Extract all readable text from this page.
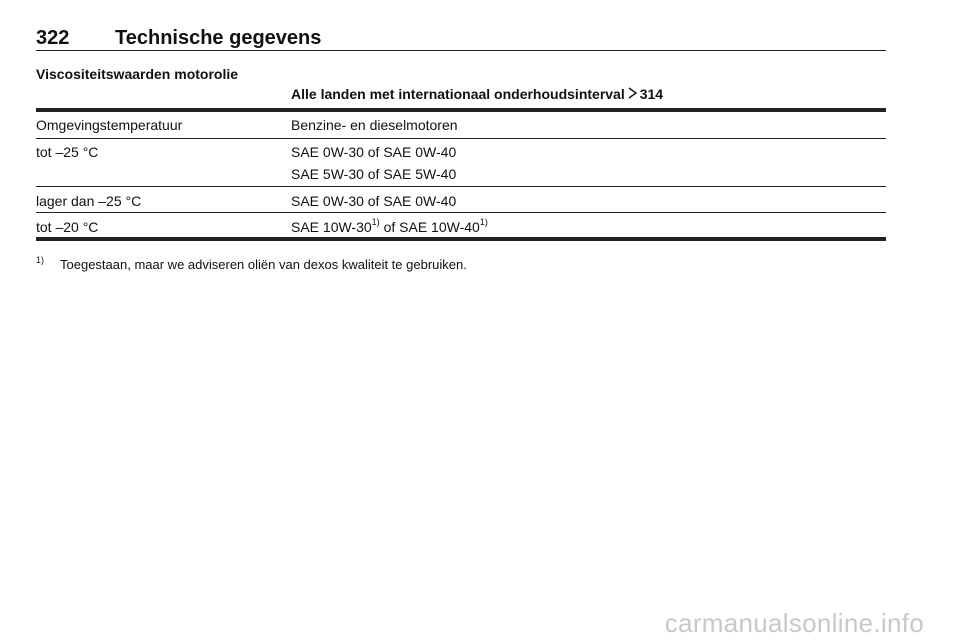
322 Technische gegevens
Viscositeitswaarden motorolie
Alle landen met internationaal onderhoudsinterval 314
Omgevingstemperatuur	Benzine- en dieselmotoren
tot –25 °C	SAE 0W-30 of SAE 0W-40
SAE 5W-30 of SAE 5W-40
lager dan –25 °C	SAE 0W-30 of SAE 0W-40
tot –20 °C	SAE 10W-30$^{1)}$ of SAE 10W-40$^{1)}$
1) Toegestaan, maar we adviseren oliën van dexos kwaliteit te gebruiken.
carmanualsonline.info
